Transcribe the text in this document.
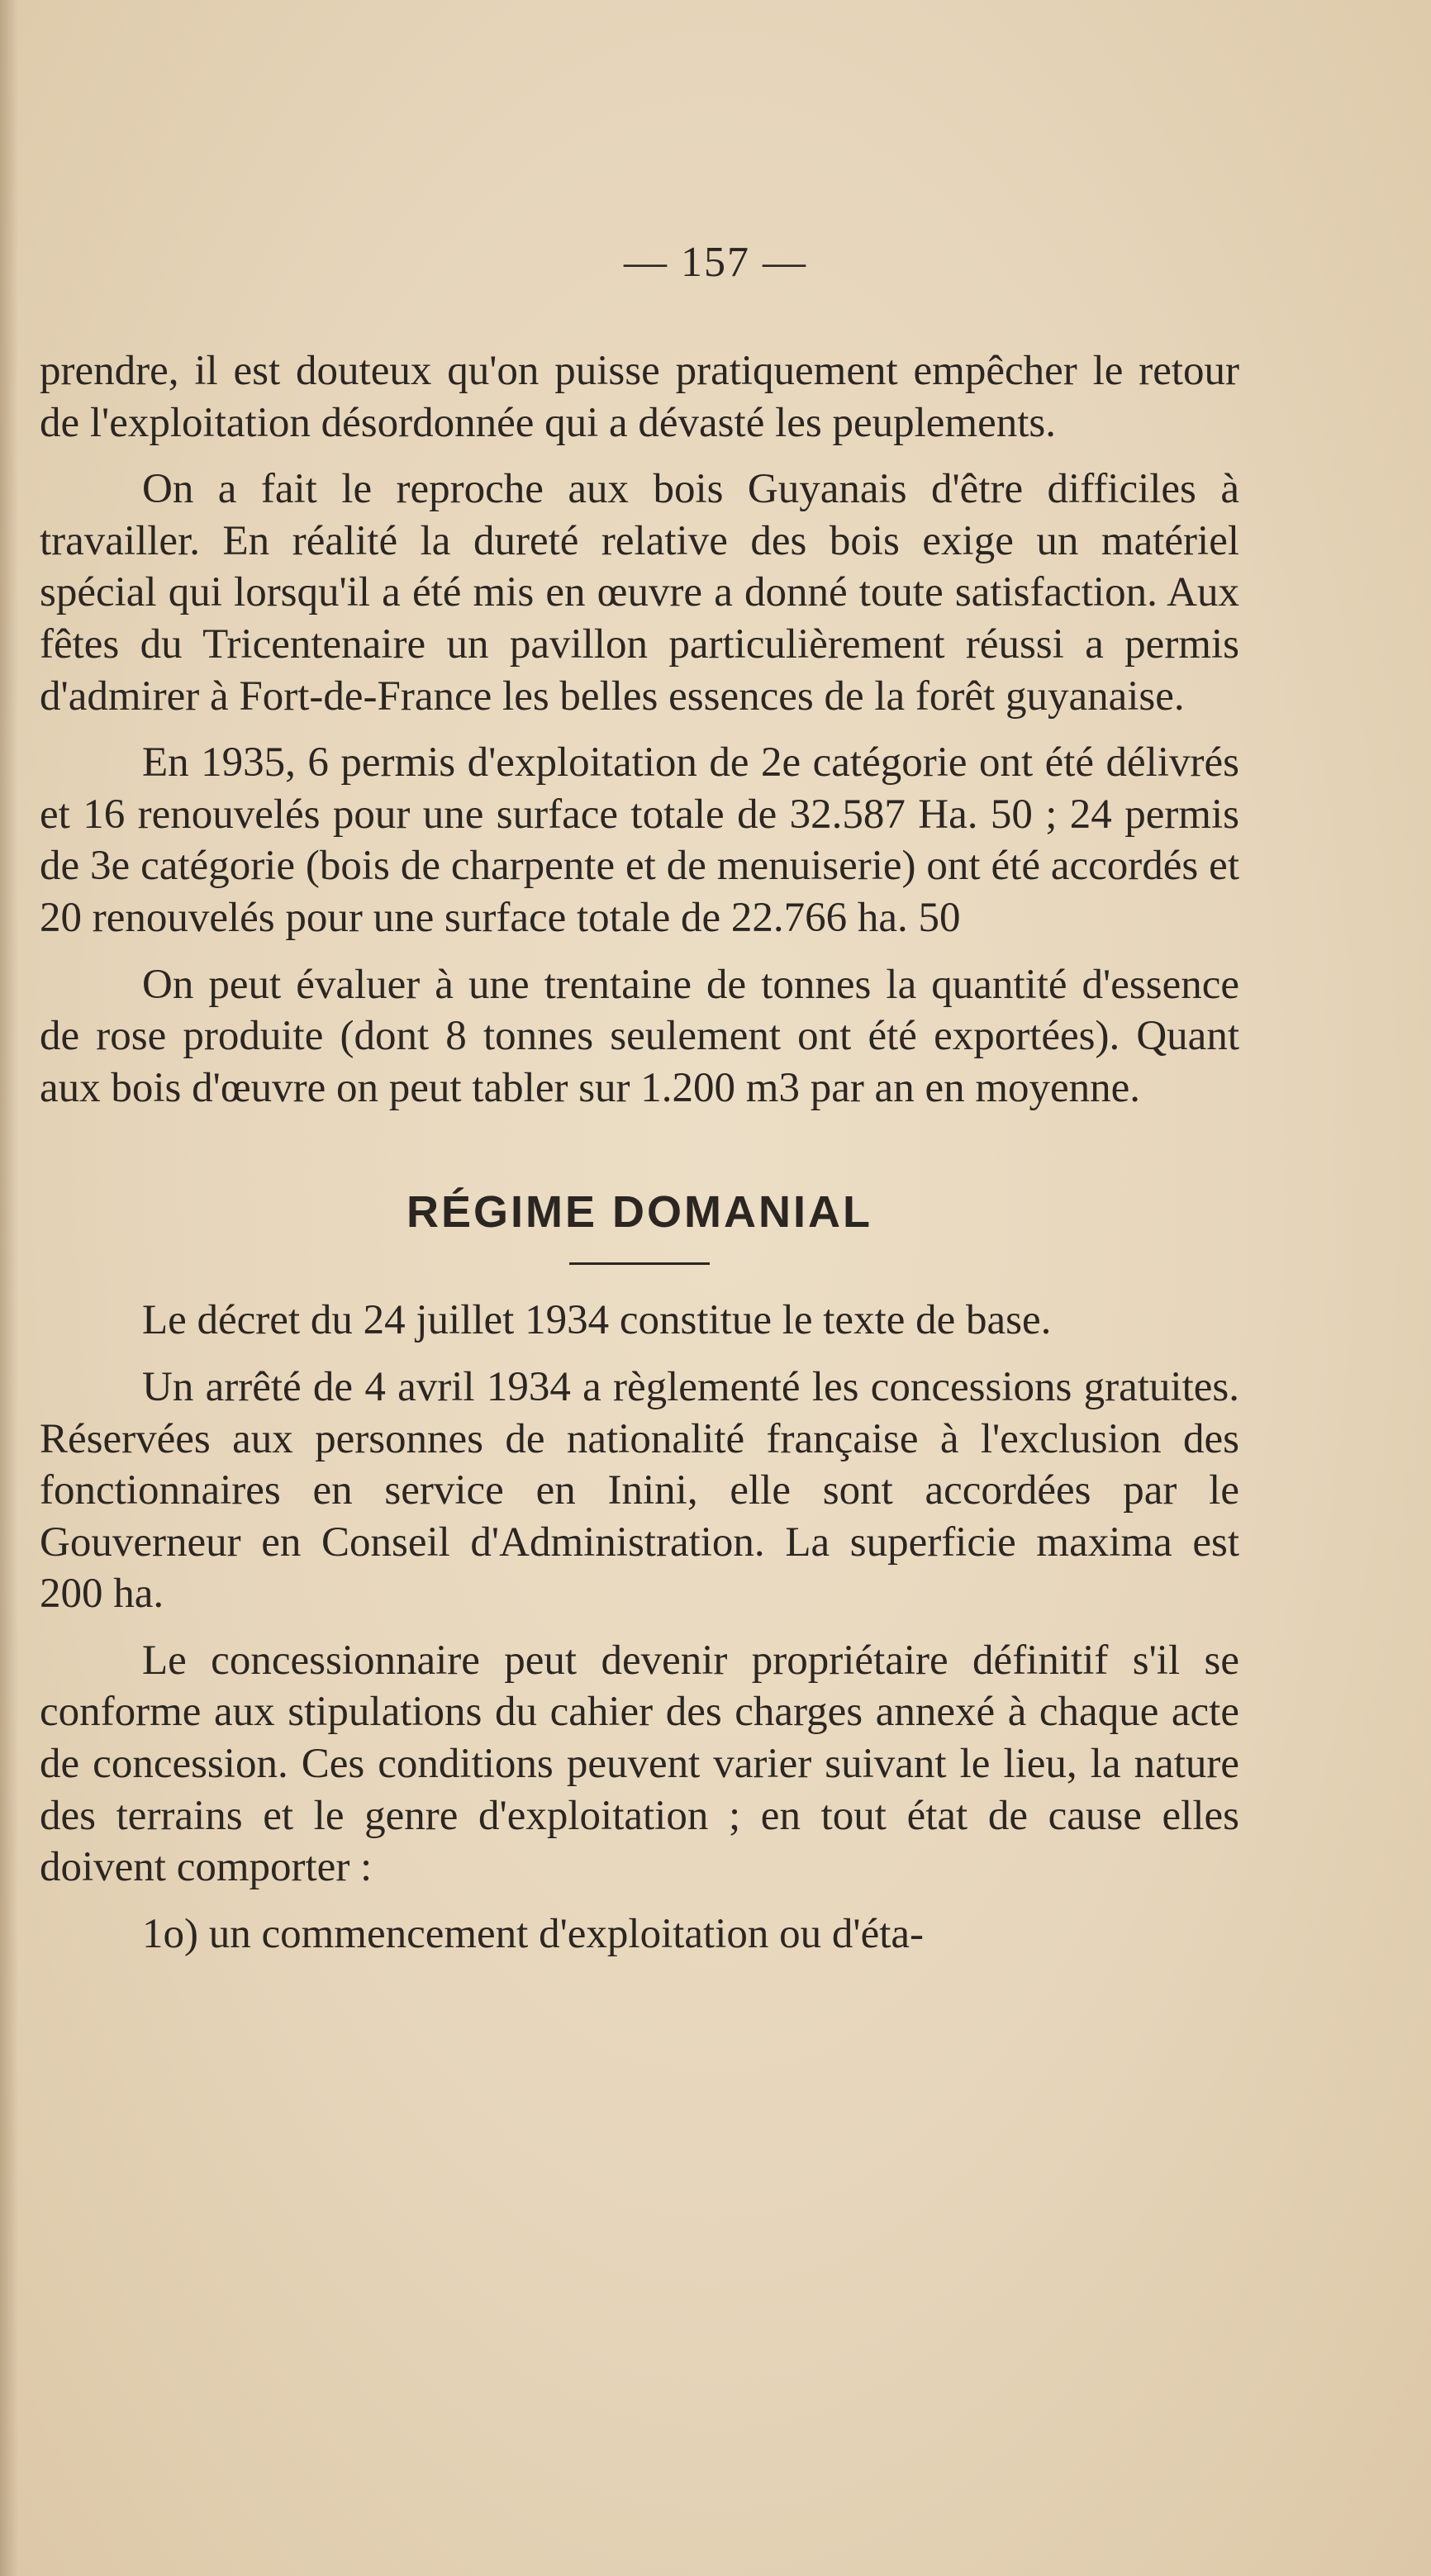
— 157 —

prendre, il est douteux qu'on puisse pratiquement empêcher le retour de l'exploitation désordonnée qui a dévasté les peuplements.

On a fait le reproche aux bois Guyanais d'être difficiles à travailler. En réalité la dureté relative des bois exige un matériel spécial qui lorsqu'il a été mis en œuvre a donné toute satisfaction. Aux fêtes du Tricentenaire un pavillon particulièrement réussi a permis d'admirer à Fort-de-France les belles essences de la forêt guyanaise.

En 1935, 6 permis d'exploitation de 2e catégorie ont été délivrés et 16 renouvelés pour une surface totale de 32.587 Ha. 50 ; 24 permis de 3e catégorie (bois de charpente et de menuiserie) ont été accordés et 20 renouvelés pour une surface totale de 22.766 ha. 50

On peut évaluer à une trentaine de tonnes la quantité d'essence de rose produite (dont 8 tonnes seulement ont été exportées). Quant aux bois d'œuvre on peut tabler sur 1.200 m3 par an en moyenne.

RÉGIME DOMANIAL

Le décret du 24 juillet 1934 constitue le texte de base.

Un arrêté de 4 avril 1934 a règlementé les concessions gratuites. Réservées aux personnes de nationalité française à l'exclusion des fonctionnaires en service en Inini, elle sont accordées par le Gouverneur en Conseil d'Administration. La superficie maxima est 200 ha.

Le concessionnaire peut devenir propriétaire définitif s'il se conforme aux stipulations du cahier des charges annexé à chaque acte de concession. Ces conditions peuvent varier suivant le lieu, la nature des terrains et le genre d'exploitation ; en tout état de cause elles doivent comporter :

1o) un commencement d'exploitation ou d'éta-
